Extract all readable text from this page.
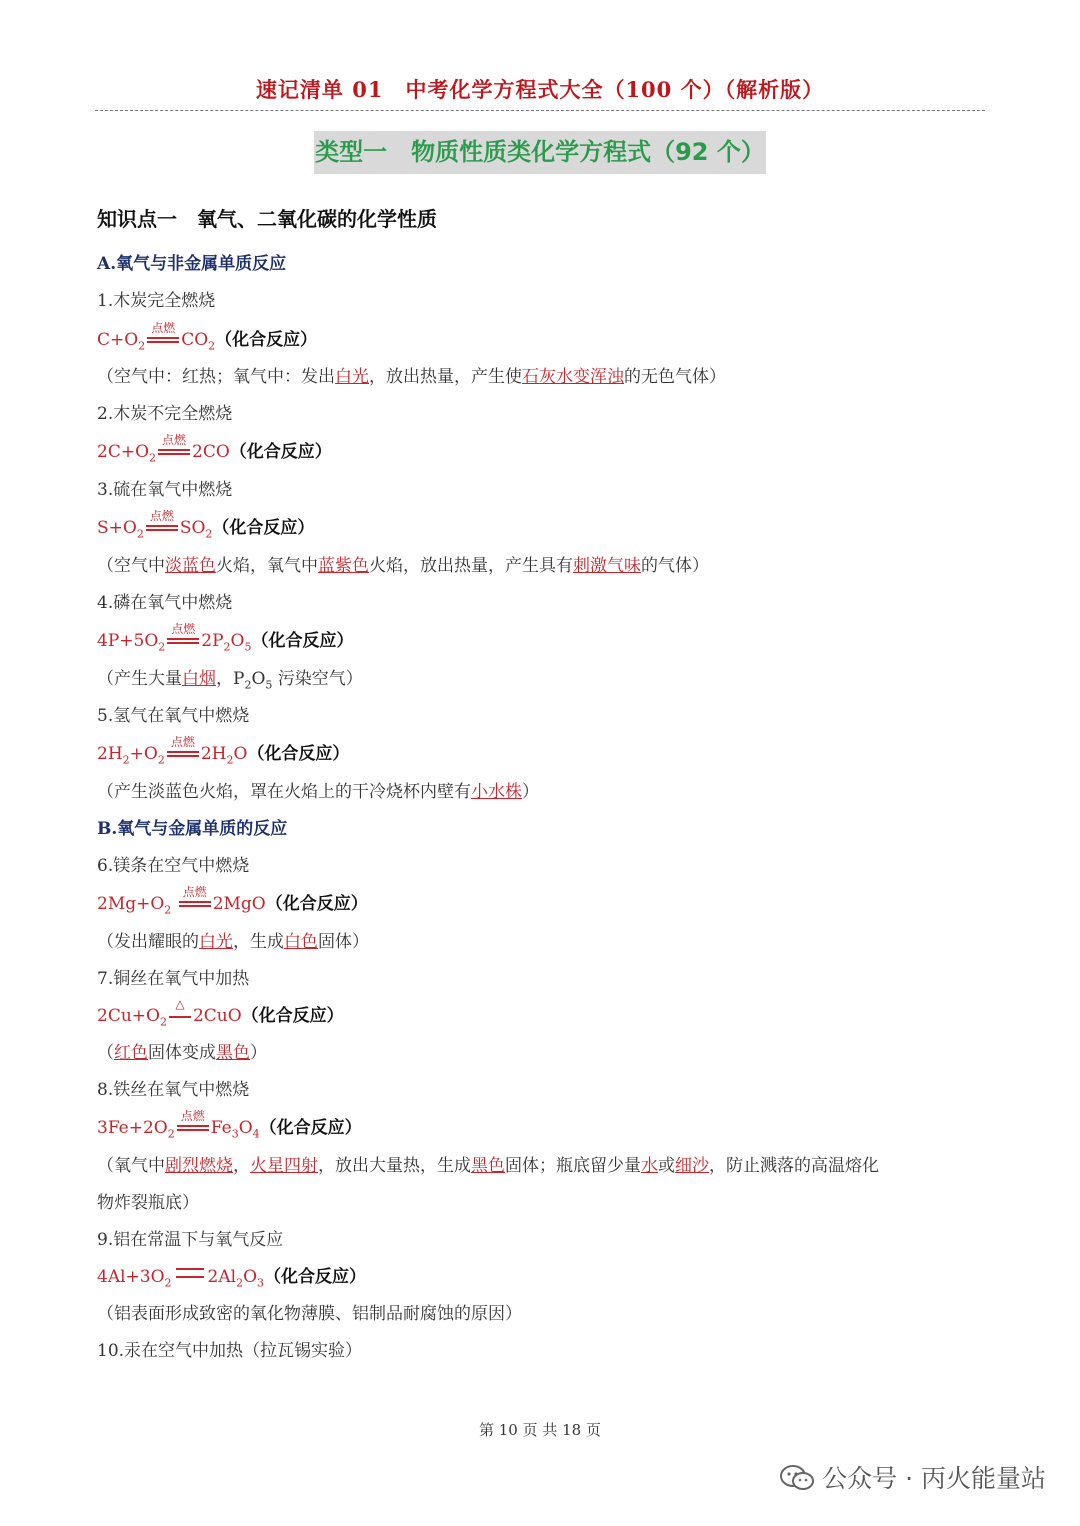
速记清单 01　中考化学方程式大全（100 个）（解析版）
类型一　物质性质类化学方程式（92 个）
知识点一　氧气、二氧化碳的化学性质
A.氧气与非金属单质反应
1.木炭完全燃烧
$C+O_2$
点燃
$CO_2$（化合反应）
（空气中：红热；氧气中：发出白光，放出热量，产生使石灰水变浑浊的无色气体）
2.木炭不完全燃烧
$2C+O_2$
点燃
2CO（化合反应）
3.硫在氧气中燃烧
$S+O_2$
点燃
$SO_2$（化合反应）
（空气中淡蓝色火焰，氧气中蓝紫色火焰，放出热量，产生具有刺激气味的气体）
4.磷在氧气中燃烧
$4P+5O_2$
点燃
$2P_2O_5$（化合反应）
（产生大量白烟，$P_2O_5$ 污染空气）
5.氢气在氧气中燃烧
$2H_2+O_2$
点燃
$2H_2O$（化合反应）
（产生淡蓝色火焰，罩在火焰上的干冷烧杯内壁有小水株）
B.氧气与金属单质的反应
6.镁条在空气中燃烧
$2Mg+O_2$
点燃
2MgO（化合反应）
（发出耀眼的白光，生成白色固体）
7.铜丝在氧气中加热
$2Cu+O_2$
△
2CuO（化合反应）
（红色固体变成黑色）
8.铁丝在氧气中燃烧
$3Fe+2O_2$
点燃
$Fe_3O_4$（化合反应）
（氧气中剧烈燃烧，火星四射，放出大量热，生成黑色固体；瓶底留少量水或细沙，防止溅落的高温熔化
物炸裂瓶底）
9.铝在常温下与氧气反应
$4Al+3O_2$ $2Al_2O_3$（化合反应）
（铝表面形成致密的氧化物薄膜、铝制品耐腐蚀的原因）
10.汞在空气中加热（拉瓦锡实验）
第 10 页 共 18 页
公众号 · 丙火能量站
